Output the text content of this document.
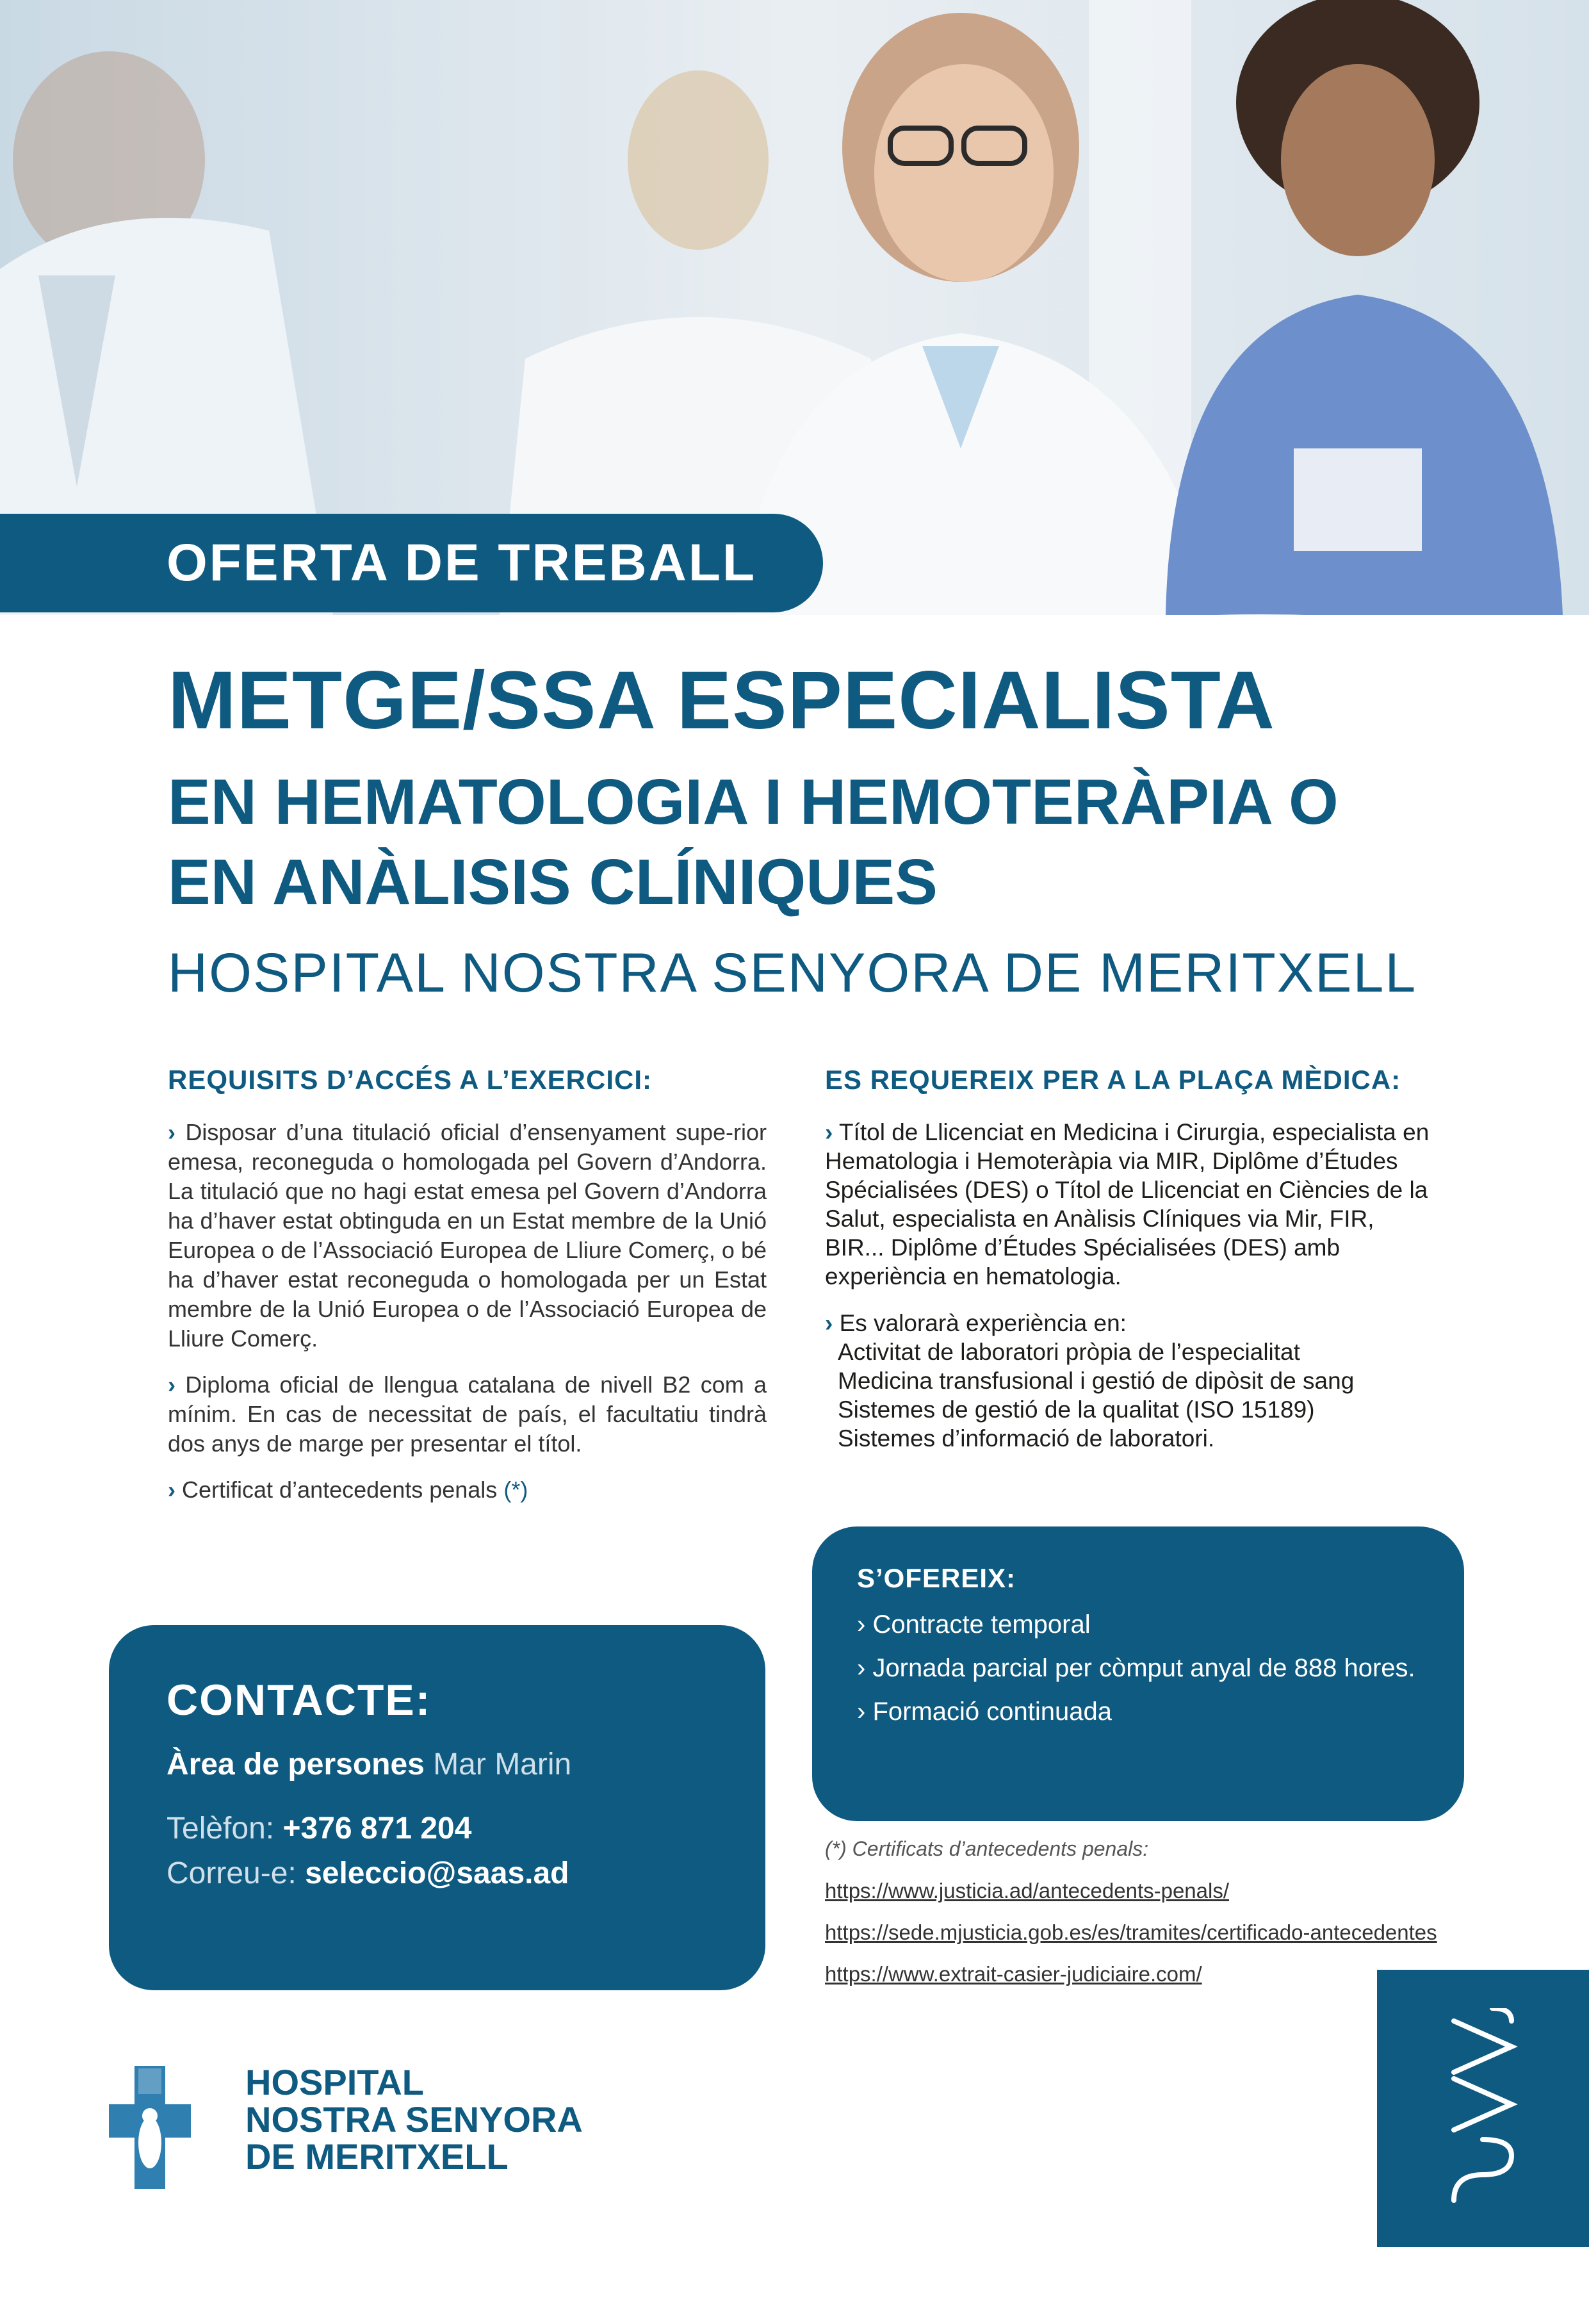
OFERTA DE TREBALL
METGE/SSA ESPECIALISTA
EN HEMATOLOGIA I HEMOTERÀPIA O
EN ANÀLISIS CLÍNIQUES
HOSPITAL NOSTRA SENYORA DE MERITXELL
REQUISITS D’ACCÉS A L’EXERCICI:

› Disposar d’una titulació oficial d’ensenyament supe-rior emesa, reconeguda o homologada pel Govern d’Andorra. La titulació que no hagi estat emesa pel Govern d’Andorra ha d’haver estat obtinguda en un Estat membre de la Unió Europea o de l’Associació Europea de Lliure Comerç, o bé ha d’haver estat reconeguda o homologada per un Estat membre de la Unió Europea o de l’Associació Europea de Lliure Comerç.

› Diploma oficial de llengua catalana de nivell B2 com a mínim. En cas de necessitat de país, el facultatiu tindrà dos anys de marge per presentar el títol.

› Certificat d’antecedents penals (*)

ES REQUEREIX PER A LA PLAÇA MÈDICA:

› Títol de Llicenciat en Medicina i Cirurgia, especialista en Hematologia i Hemoteràpia via MIR, Diplôme d’Études Spécialisées (DES) o Títol de Llicenciat en Ciències de la Salut, especialista en Anàlisis Clíniques via Mir, FIR, BIR... Diplôme d’Études Spécialisées (DES) amb experiència en hematologia.

› Es valorarà experiència en:
Activitat de laboratori pròpia de l’especialitat
Medicina transfusional i gestió de dipòsit de sang
Sistemes de gestió de la qualitat (ISO 15189)
Sistemes d’informació de laboratori.

S’OFEREIX:
› Contracte temporal
› Jornada parcial per còmput anyal de 888 hores.
› Formació continuada
CONTACTE:
Àrea de persones Mar Marin
Telèfon: +376 871 204
Correu-e: seleccio@saas.ad
(*) Certificats d’antecedents penals:
https://www.justicia.ad/antecedents-penals/
https://sede.mjusticia.gob.es/es/tramites/certificado-antecedentes
https://www.extrait-casier-judiciaire.com/
HOSPITAL
NOSTRA SENYORA
DE MERITXELL
